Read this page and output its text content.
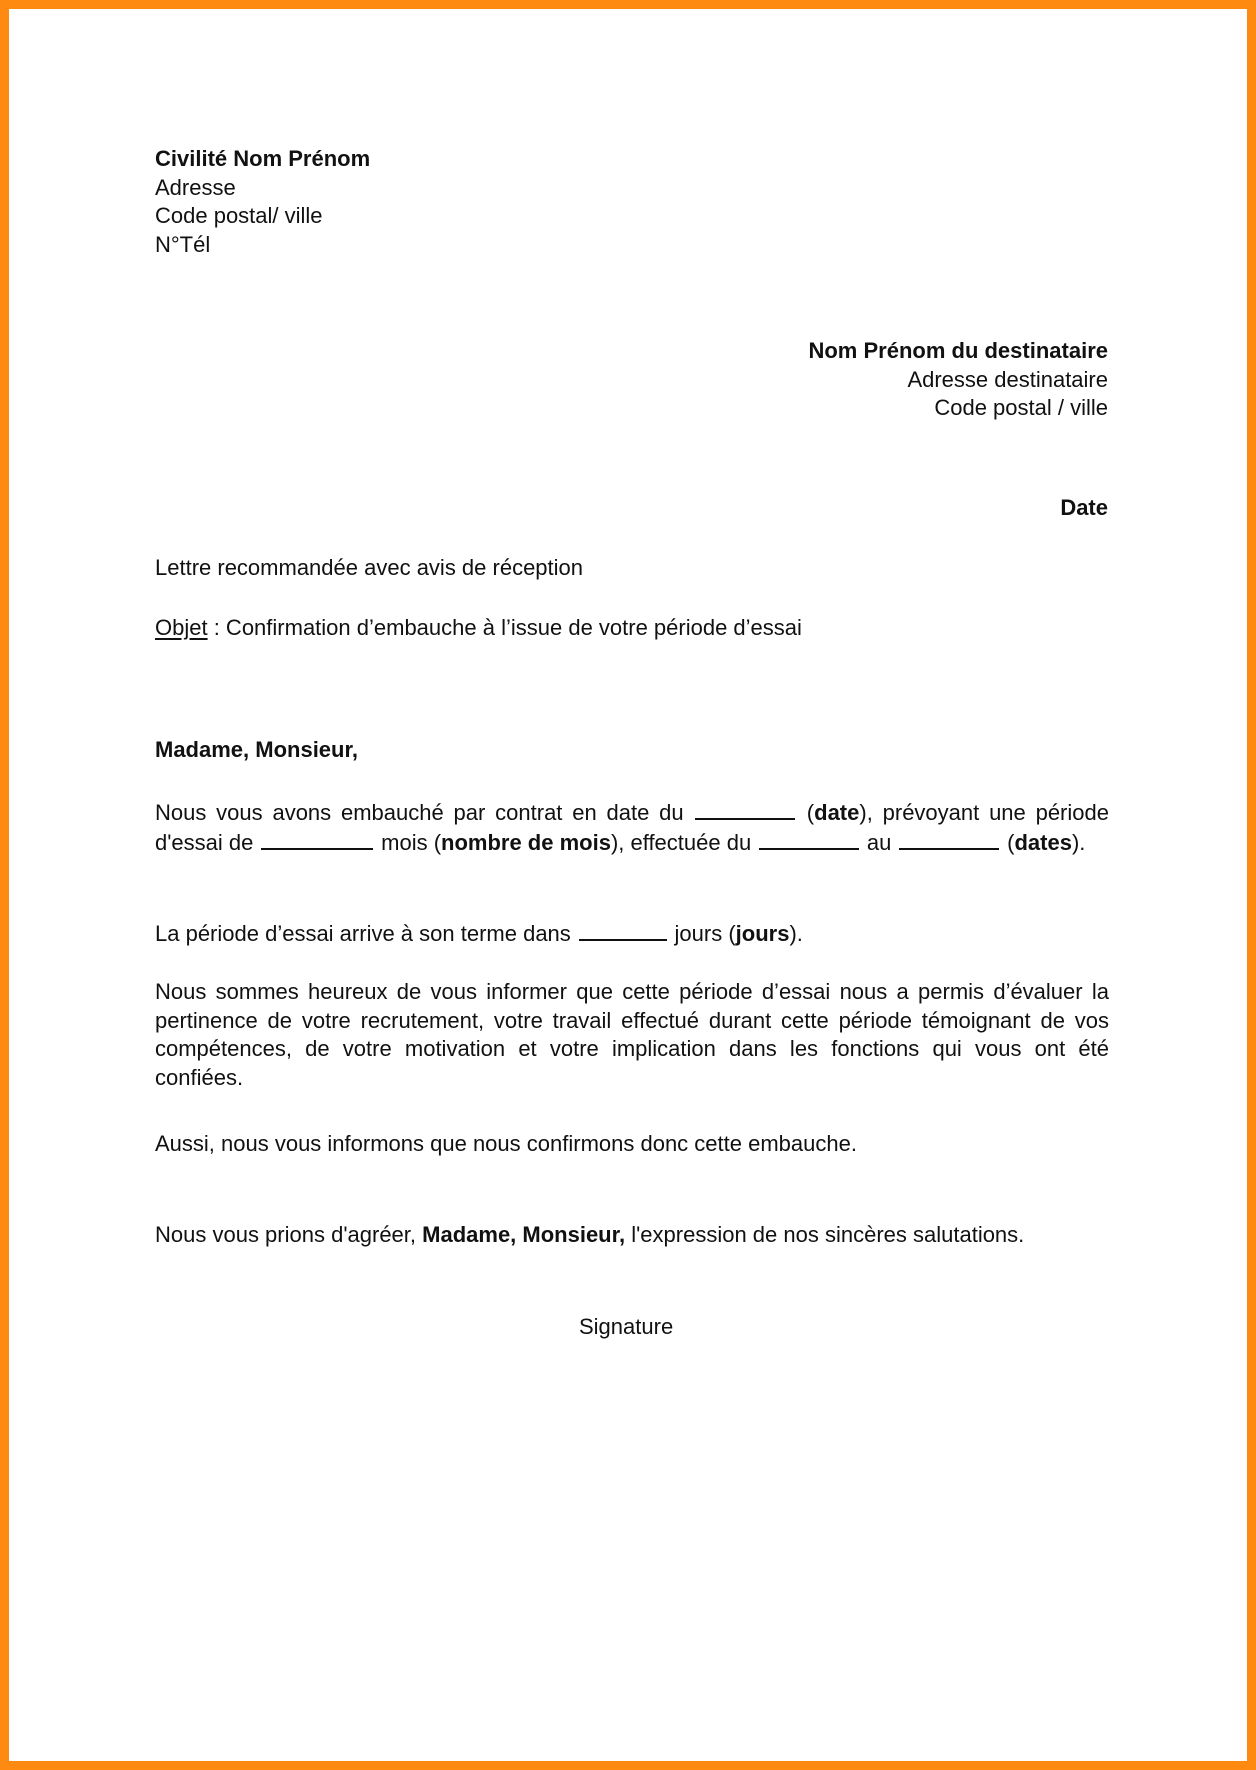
Civilité Nom Prénom
Adresse
Code postal/ ville
N°Tél
Nom Prénom du destinataire
Adresse destinataire
Code postal / ville
Date
Lettre recommandée avec avis de réception
Objet : Confirmation d’embauche à l’issue de votre période d’essai
Madame, Monsieur,
Nous vous avons embauché par contrat en date du	(date), prévoyant une période d'essai de	mois (nombre de mois), effectuée du	au	(dates).
La période d’essai arrive à son terme dans	jours (jours).
Nous sommes heureux de vous informer que cette période d’essai nous a permis d’évaluer la pertinence de votre recrutement, votre travail effectué durant cette période témoignant de vos compétences, de votre motivation et votre implication dans les fonctions qui vous ont été confiées.
Aussi, nous vous informons que nous confirmons donc cette embauche.
Nous vous prions d'agréer, Madame, Monsieur, l'expression de nos sincères salutations.
Signature
